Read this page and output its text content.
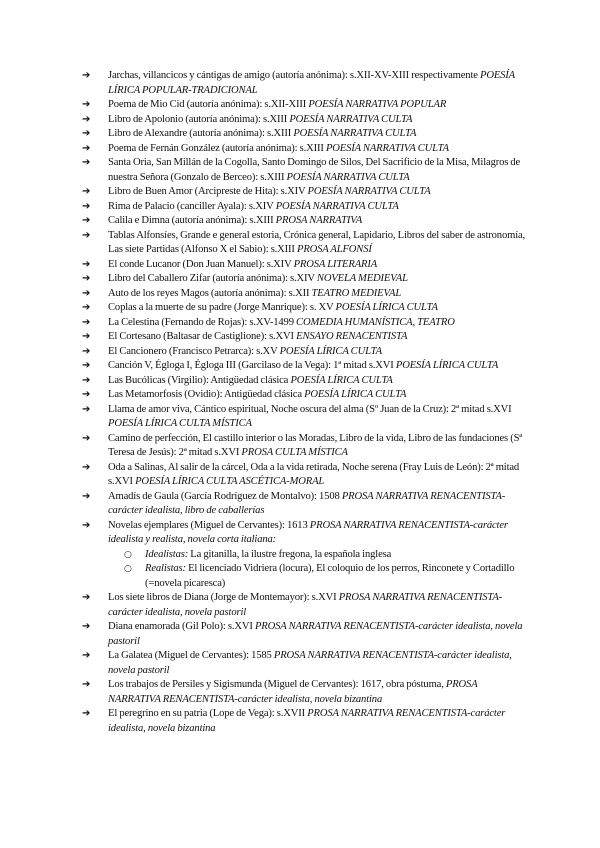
➔ Jarchas, villancicos y cántigas de amigo (autoría anónima): s.XII-XV-XIII respectivamente POESÍA LÍRICA POPULAR-TRADICIONAL
➔ Poema de Mio Cid (autoría anónima): s.XII-XIII POESÍA NARRATIVA POPULAR
➔ Libro de Apolonio (autoría anónima): s.XIII POESÍA NARRATIVA CULTA
➔ Libro de Alexandre (autoría anónima): s.XIII POESÍA NARRATIVA CULTA
➔ Poema de Fernán González (autoría anónima): s.XIII POESÍA NARRATIVA CULTA
➔ Santa Oria, San Millán de la Cogolla, Santo Domingo de Silos, Del Sacrificio de la Misa, Milagros de nuestra Señora (Gonzalo de Berceo): s.XIII POESÍA NARRATIVA CULTA
➔ Libro de Buen Amor (Arcipreste de Hita): s.XIV POESÍA NARRATIVA CULTA
➔ Rima de Palacio (canciller Ayala): s.XIV POESÍA NARRATIVA CULTA
➔ Calila e Dimna (autoría anónima): s.XIII PROSA NARRATIVA
➔ Tablas Alfonsíes, Grande e general estoria, Crónica general, Lapidario, Libros del saber de astronomía, Las siete Partidas (Alfonso X el Sabio): s.XIII PROSA ALFONSÍ
➔ El conde Lucanor (Don Juan Manuel): s.XIV PROSA LITERARIA
➔ Libro del Caballero Zifar (autoría anónima): s.XIV NOVELA MEDIEVAL
➔ Auto de los reyes Magos (autoría anónima): s.XII TEATRO MEDIEVAL
➔ Coplas a la muerte de su padre (Jorge Manrique): s. XV POESÍA LÍRICA CULTA
➔ La Celestina (Fernando de Rojas): s.XV-1499 COMEDIA HUMANÍSTICA, TEATRO
➔ El Cortesano (Baltasar de Castiglione): s.XVI ENSAYO RENACENTISTA
➔ El Cancionero (Francisco Petrarca): s.XV POESÍA LÍRICA CULTA
➔ Canción V, Égloga I, Égloga III (Garcilaso de la Vega): 1ª mitad s.XVI POESÍA LÍRICA CULTA
➔ Las Bucólicas (Virgilio): Antigüedad clásica POESÍA LÍRICA CULTA
➔ Las Metamorfosis (Ovidio): Antigüedad clásica POESÍA LÍRICA CULTA
➔ Llama de amor viva, Cántico espiritual, Noche oscura del alma (Sº Juan de la Cruz): 2ª mitad s.XVI POESÍA LÍRICA CULTA MÍSTICA
➔ Camino de perfección, El castillo interior o las Moradas, Libro de la vida, Libro de las fundaciones (Sª Teresa de Jesús): 2ª mitad s.XVI PROSA CULTA MÍSTICA
➔ Oda a Salinas, Al salir de la cárcel, Oda a la vida retirada, Noche serena (Fray Luis de León): 2ª mitad s.XVI POESÍA LÍRICA CULTA ASCÉTICA-MORAL
➔ Amadís de Gaula (García Rodríguez de Montalvo): 1508 PROSA NARRATIVA RENACENTISTA-carácter idealista, libro de caballerías
➔ Novelas ejemplares (Miguel de Cervantes): 1613 PROSA NARRATIVA RENACENTISTA-carácter idealista y realista, novela corta italiana:
○ Idealistas: La gitanilla, la ilustre fregona, la española inglesa
○ Realistas: El licenciado Vidriera (locura), El coloquio de los perros, Rinconete y Cortadillo (=novela picaresca)
➔ Los siete libros de Diana (Jorge de Montemayor): s.XVI PROSA NARRATIVA RENACENTISTA-carácter idealista, novela pastoril
➔ Diana enamorada (Gil Polo): s.XVI PROSA NARRATIVA RENACENTISTA-carácter idealista, novela pastoril
➔ La Galatea (Miguel de Cervantes): 1585 PROSA NARRATIVA RENACENTISTA-carácter idealista, novela pastoril
➔ Los trabajos de Persiles y Sigismunda (Miguel de Cervantes): 1617, obra póstuma, PROSA NARRATIVA RENACENTISTA-carácter idealista, novela bizantina
➔ El peregrino en su patria (Lope de Vega): s.XVII PROSA NARRATIVA RENACENTISTA-carácter idealista, novela bizantina
